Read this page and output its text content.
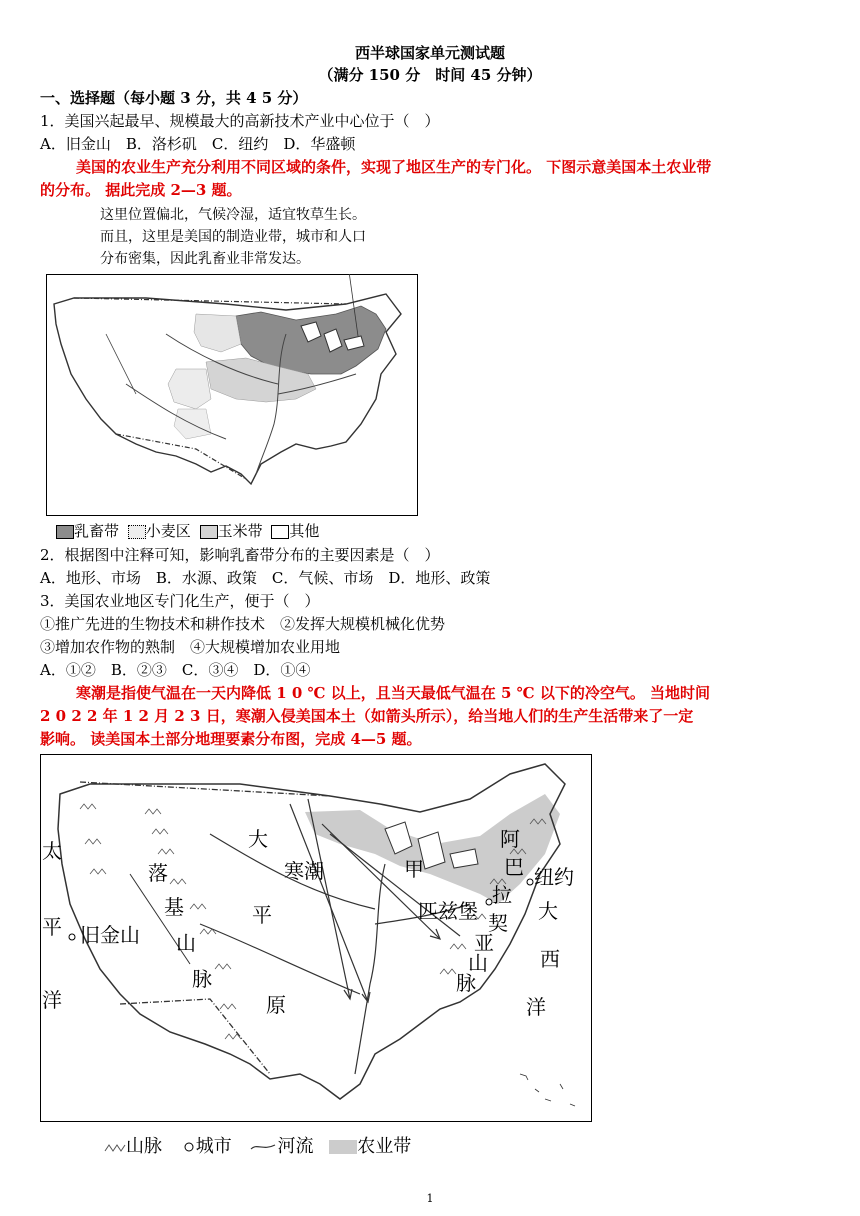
西半球国家单元测试题
（满分 150 分　时间 45 分钟）
一、选择题（每小题 3 分，共 4 5 分）
1．美国兴起最早、规模最大的高新技术产业中心位于（　）
A．旧金山　B．洛杉矶　C．纽约　D．华盛顿
美国的农业生产充分利用不同区域的条件，实现了地区生产的专门化。 下图示意美国本土农业带
的分布。 据此完成 2—3 题。
这里位置偏北，气候冷湿，适宜牧草生长。
而且，这里是美国的制造业带，城市和人口
分布密集，因此乳畜业非常发达。
乳畜带 小麦区 玉米带 其他
2．根据图中注释可知，影响乳畜带分布的主要因素是（　）
A．地形、市场　B．水源、政策　C．气候、市场　D．地形、政策
3．美国农业地区专门化生产，便于（　）
①推广先进的生物技术和耕作技术　②发挥大规模机械化优势
③增加农作物的熟制　④大规模增加农业用地
A．①②　B．②③　C．③④　D．①④
寒潮是指使气温在一天内降低 1 0 ℃ 以上，且当天最低气温在 5 ℃ 以下的冷空气。 当地时间
2 0 2 2 年 1 2 月 2 3 日，寒潮入侵美国本土（如箭头所示），给当地人们的生产生活带来了一定
影响。 读美国本土部分地理要素分布图，完成 4—5 题。
太
平
洋
旧金山
落
基
山
脉
大
平
原
寒潮	甲
匹兹堡
纽约
阿
巴
拉
契
亚
山
脉
大
西
洋
山脉 城市	河流 农业带
1
